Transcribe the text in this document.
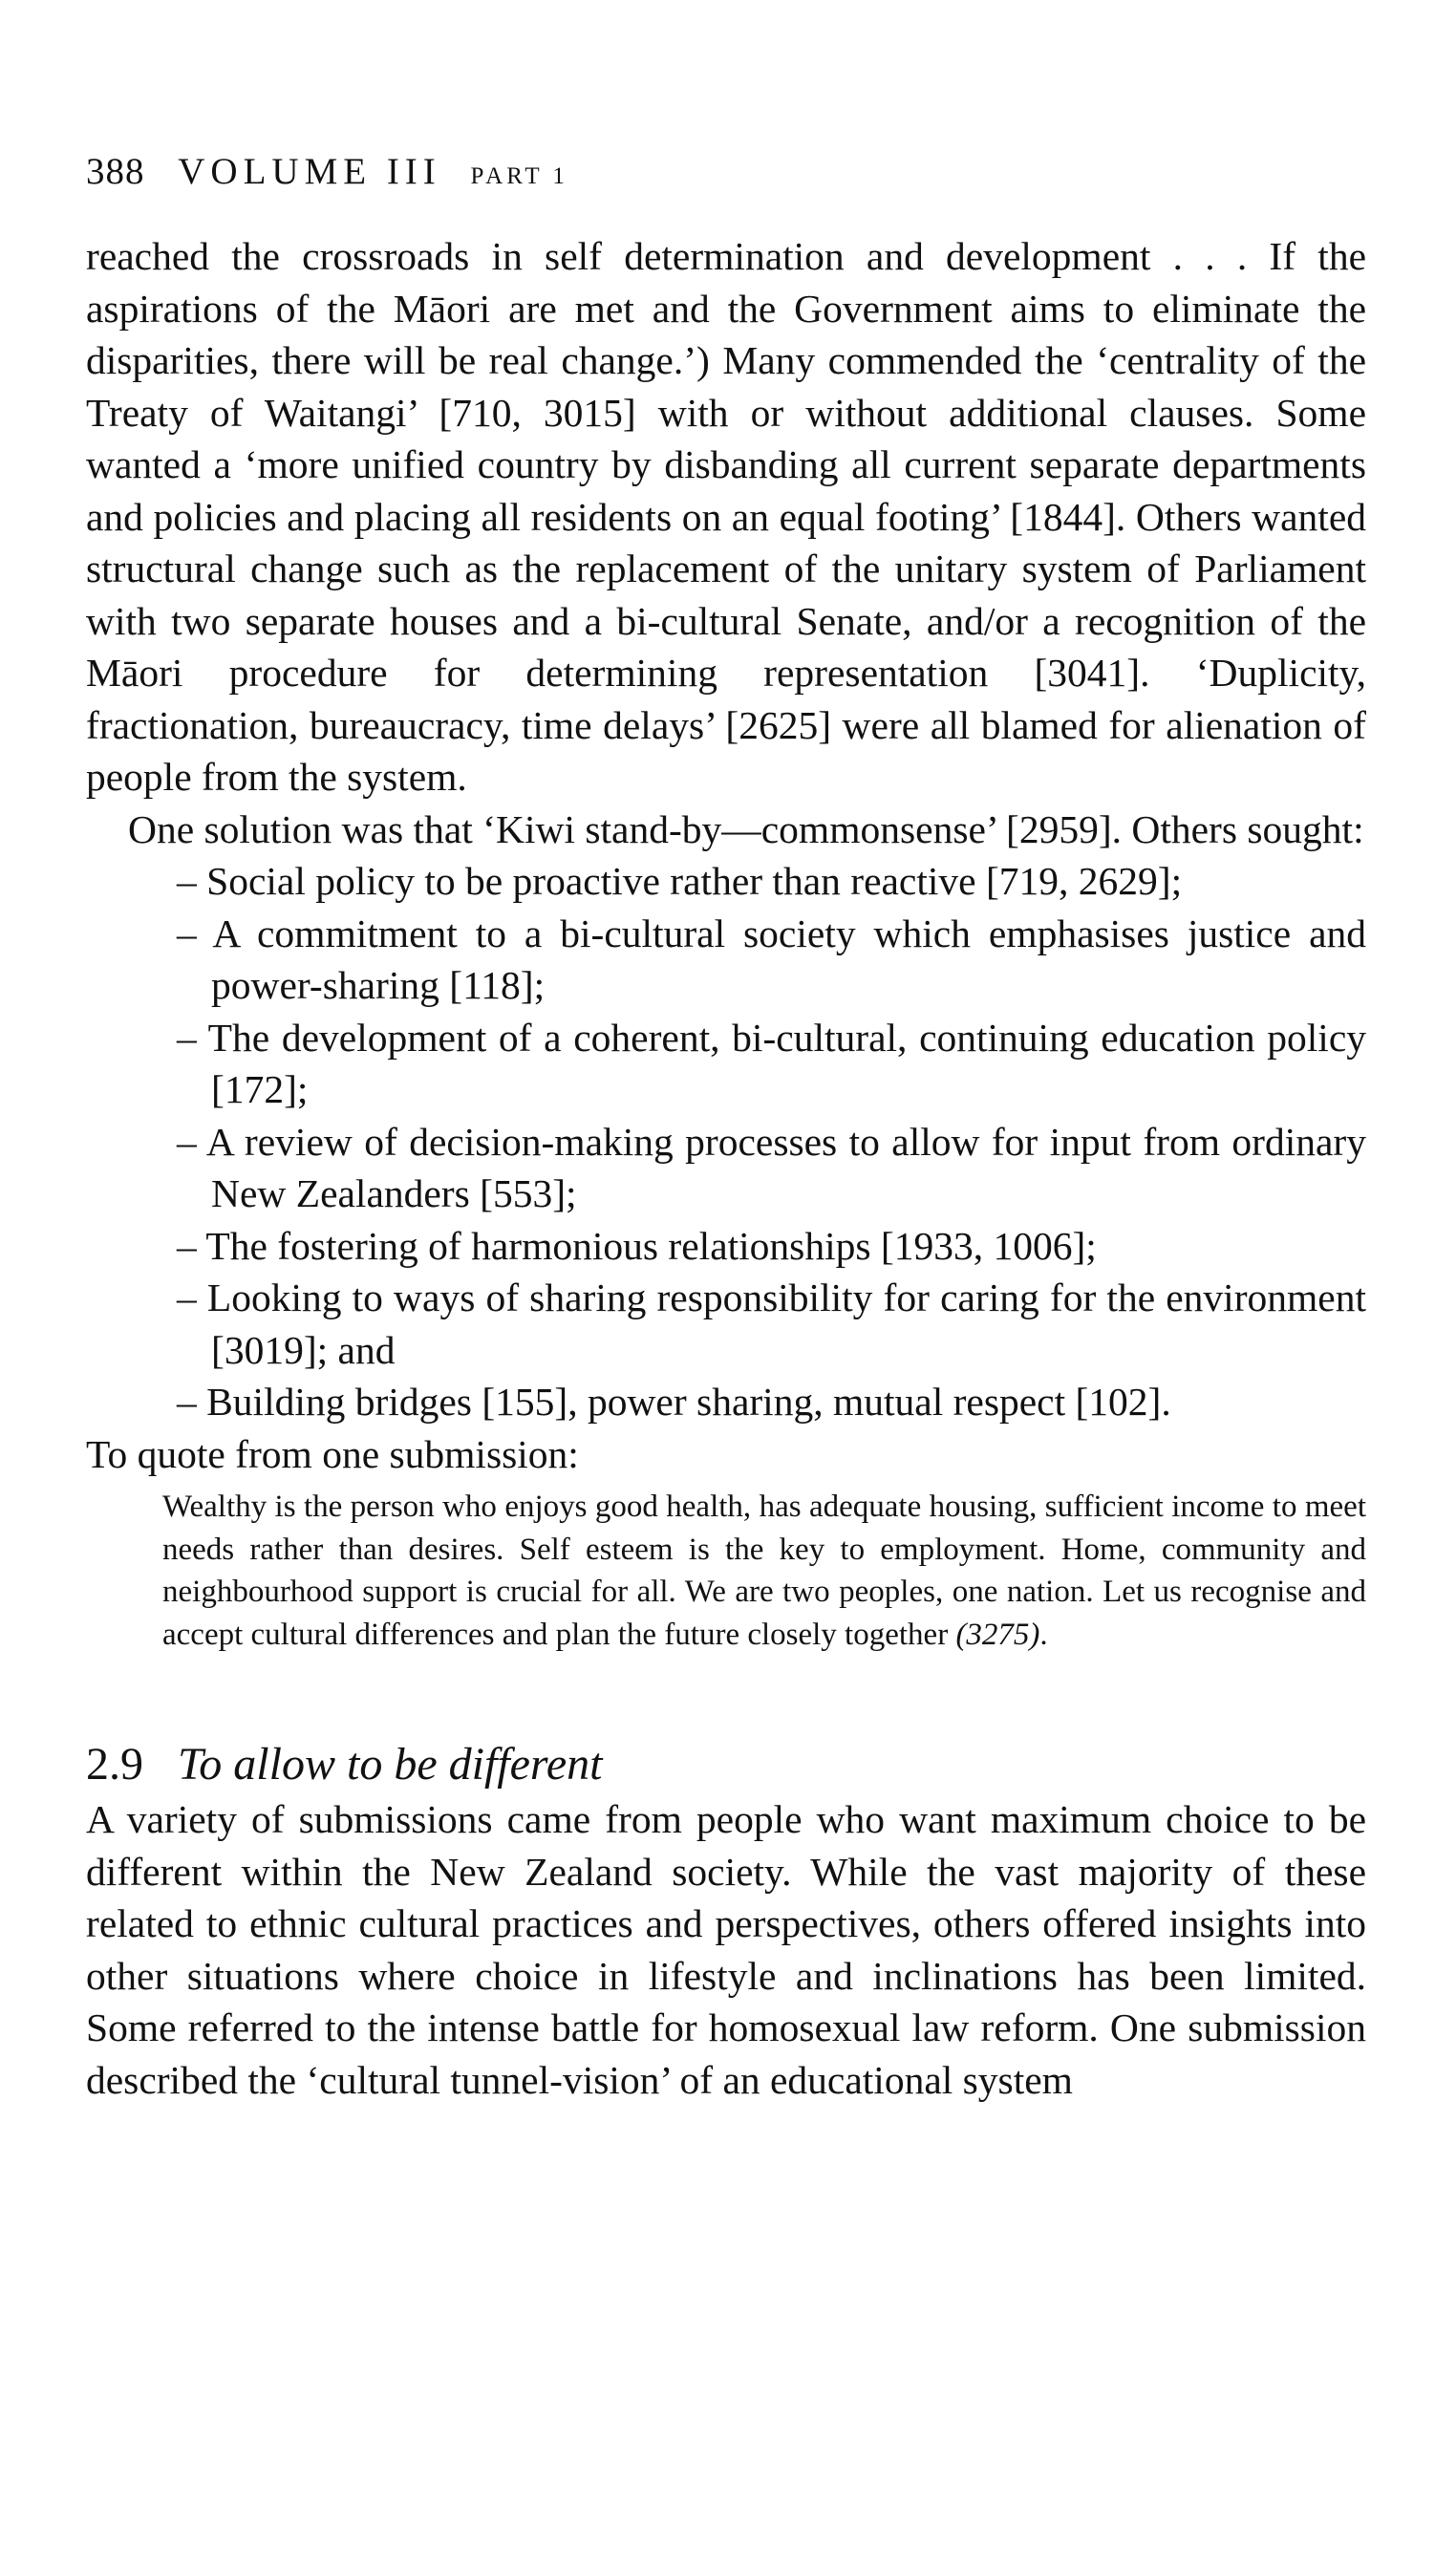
388 VOLUME III PART 1

reached the crossroads in self determination and development . . . If the aspirations of the Māori are met and the Government aims to eliminate the disparities, there will be real change.’) Many commended the ‘centrality of the Treaty of Waitangi’ [710, 3015] with or without additional clauses. Some wanted a ‘more unified country by disbanding all current separate departments and policies and placing all residents on an equal footing’ [1844]. Others wanted structural change such as the replacement of the unitary system of Parliament with two separate houses and a bi-cultural Senate, and/or a recognition of the Māori procedure for determining representation [3041]. ‘Duplicity, fractionation, bureaucracy, time delays’ [2625] were all blamed for alienation of people from the system.

One solution was that ‘Kiwi stand-by—commonsense’ [2959]. Others sought:

– Social policy to be proactive rather than reactive [719, 2629];
– A commitment to a bi-cultural society which emphasises justice and power-sharing [118];
– The development of a coherent, bi-cultural, continuing education policy [172];
– A review of decision-making processes to allow for input from ordinary New Zealanders [553];
– The fostering of harmonious relationships [1933, 1006];
– Looking to ways of sharing responsibility for caring for the environment [3019]; and
– Building bridges [155], power sharing, mutual respect [102].

To quote from one submission:

Wealthy is the person who enjoys good health, has adequate housing, sufficient income to meet needs rather than desires. Self esteem is the key to employment. Home, community and neighbourhood support is crucial for all. We are two peoples, one nation. Let us recognise and accept cultural differences and plan the future closely together (3275).

2.9 To allow to be different

A variety of submissions came from people who want maximum choice to be different within the New Zealand society. While the vast majority of these related to ethnic cultural practices and perspectives, others offered insights into other situations where choice in lifestyle and inclinations has been limited. Some referred to the intense battle for homosexual law reform. One submission described the ‘cultural tunnel-vision’ of an educational system
